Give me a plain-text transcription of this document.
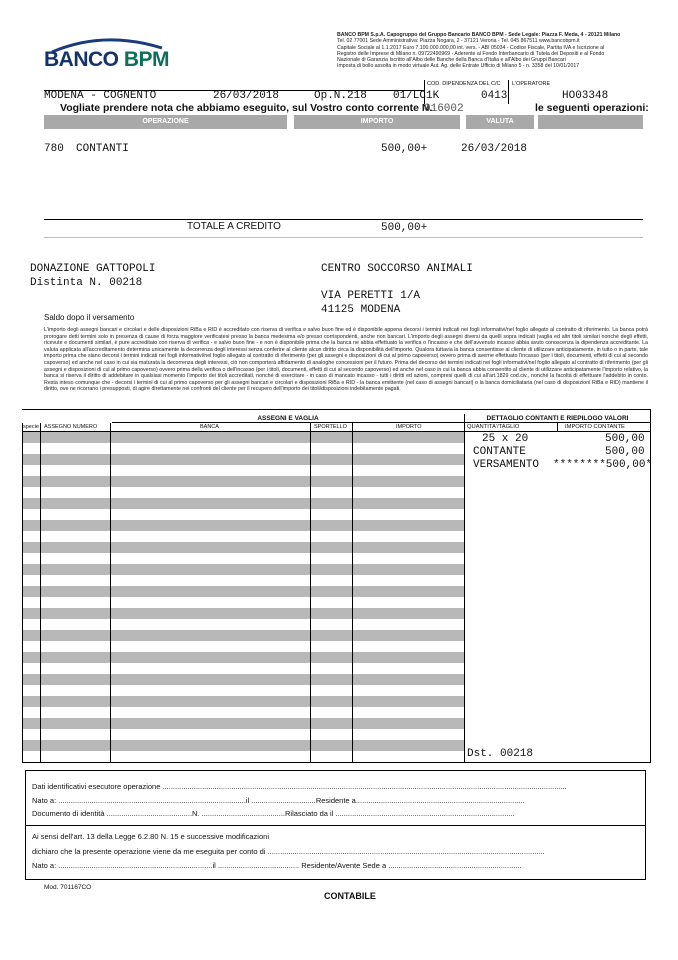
BANCO BPM
BANCO BPM S.p.A. Capogruppo del Gruppo Bancario BANCO BPM - Sede Legale: Piazza F. Meda, 4 - 20121 Milano
Tel. 02 77001 Sede Amministrativa: Piazza Nogara, 2 - 37121 Verona - Tel. 045 867511 www.bancobpm.it
Capitale Sociale al 1.1.2017 Euro 7.100.000.000,00 int. vers. - ABI 05034 - Codice Fiscale, Partita IVA e Iscrizione al
Registro delle Imprese di Milano n. 09722490969 - Aderente al Fondo Interbancario di Tutela dei Depositi e al Fondo
Nazionale di Garanzia Iscritto all'Albo delle Banche della Banca d'Italia e all'Albo dei Gruppi Bancari
Imposta di bollo assolta in modo virtuale Aut. Ag. delle Entrate Ufficio di Milano 5 - n. 3358 del 10/01/2017
COD. DIPENDENZA DEL C/C L'OPERATORE
MODENA - COGNENTO	26/03/2018	Op.N.218 01/LC1K	0413	HO03348
Vogliate prendere nota che abbiamo eseguito, sul Vostro conto corrente N.
016002	le seguenti operazioni:
OPERAZIONE	IMPORTO	VALUTA
780 CONTANTI	500,00+	26/03/2018
TOTALE A CREDITO	500,00+
DONAZIONE GATTOPOLI
Distinta N. 00218
CENTRO SOCCORSO ANIMALI
VIA PERETTI 1/A
41125 MODENA
Saldo dopo il versamento
L'importo degli assegni bancari e circolari e delle disposizioni RiBa e RID è accreditato con riserva di verifica e salvo buon fine ed è disponibile appena decorsi i termini indicati nei fogli informativi/nel foglio allegato al contratto di riferimento. La banca potrà prorogare detti termini solo in presenza di cause di forza maggiore verificatesi presso la banca medesima e/o presso corrispondenti, anche non bancari. L'importo degli assegni diversi da quelli sopra indicati (vaglia ed altri titoli similari nonché degli effetti, ricevute e documenti similari, è pure accreditato con riserva di verifica - e salvo buon fine - e non è disponibile prima che la banca ne abbia effettuato la verifica o l'incasso e che dell'avvenuto incasso abbia avuto conoscenza la dipendenza accreditante. La valuta applicata all'accreditamento determina unicamente la decorrenza degli interessi senza conferire al cliente alcun diritto circa la disponibilità dell'importo. Qualora tuttavia la banca consentisse al cliente di utilizzare anticipatamente, in tutto o in parte, tale importo prima che siano decorsi i termini indicati nei fogli informativi/nel foglio allegato al contratto di riferimento (per gli assegni e disposizioni di cui al primo capoverso) ovvero prima di averne effettuato l'incasso (per i titoli, documenti, effetti di cui al secondo capoverso) ed anche nel caso in cui sia maturata la decorrenza degli interessi, ciò non comporterà affidamento di analoghe concessioni per il futuro. Prima del decorso dei termini indicati nei fogli informativi/nel foglio allegato al contratto di riferimento (per gli assegni e disposizioni di cui al primo capoverso) ovvero prima della verifica o dell'incasso (per i titoli, documenti, effetti di cui al secondo capoverso) ed anche nel caso in cui la banca abbia consentito al cliente di utilizzare anticipatamente l'importo relativo, la banca si riserva il diritto di addebitare in qualsiasi momento l'importo dei titoli accreditati, nonché di esercitare - in caso di mancato incasso - tutti i diritti ed azioni, compresi quelli di cui all'art.1829 cod.civ., nonché la facoltà di effettuare l'addebito in conto. Resta inteso comunque che - decorsi i termini di cui al primo capoverso per gli assegni bancari e circolari e disposizioni RiBa e RID - la banca emittente (nel caso di assegni bancari) o la banca domiciliataria (nel caso di disposizioni RiBa e RID) mantiene il diritto, ove ne ricorrano i presupposti, di agire direttamente nei confronti del cliente per il recupero dell'importo dei titoli/disposizioni indebitamente pagati.
ASSEGNI E VAGLIA
specie ASSEGNO NUMERO	BANCA	SPORTELLO	IMPORTO
DETTAGLIO CONTANTI E RIEPILOGO VALORI
QUANTITA'/TAGLIO	IMPORTO CONTANTE
25 x 20	500,00
CONTANTE	500,00
VERSAMENTO ********500,00*
Dst. 00218
Dati identificativi esecutore operazione ..................................................................................................................................................................................................
Nato a: ..........................................................................................il ...............................Residente a.................................................................................
Documento di identità .........................................N. ........................................Rilasciato da il ......................................................................................
Ai sensi dell'art. 13 della Legge 6.2.80 N. 15 e successive modificazioni
dichiaro che la presente operazione viene da me eseguita per conto di .....................................................................................................................................
Nato a: ..........................................................................il ....................................... Residente/Avente Sede a ................................................................
Mod. 701167CO
CONTABILE
